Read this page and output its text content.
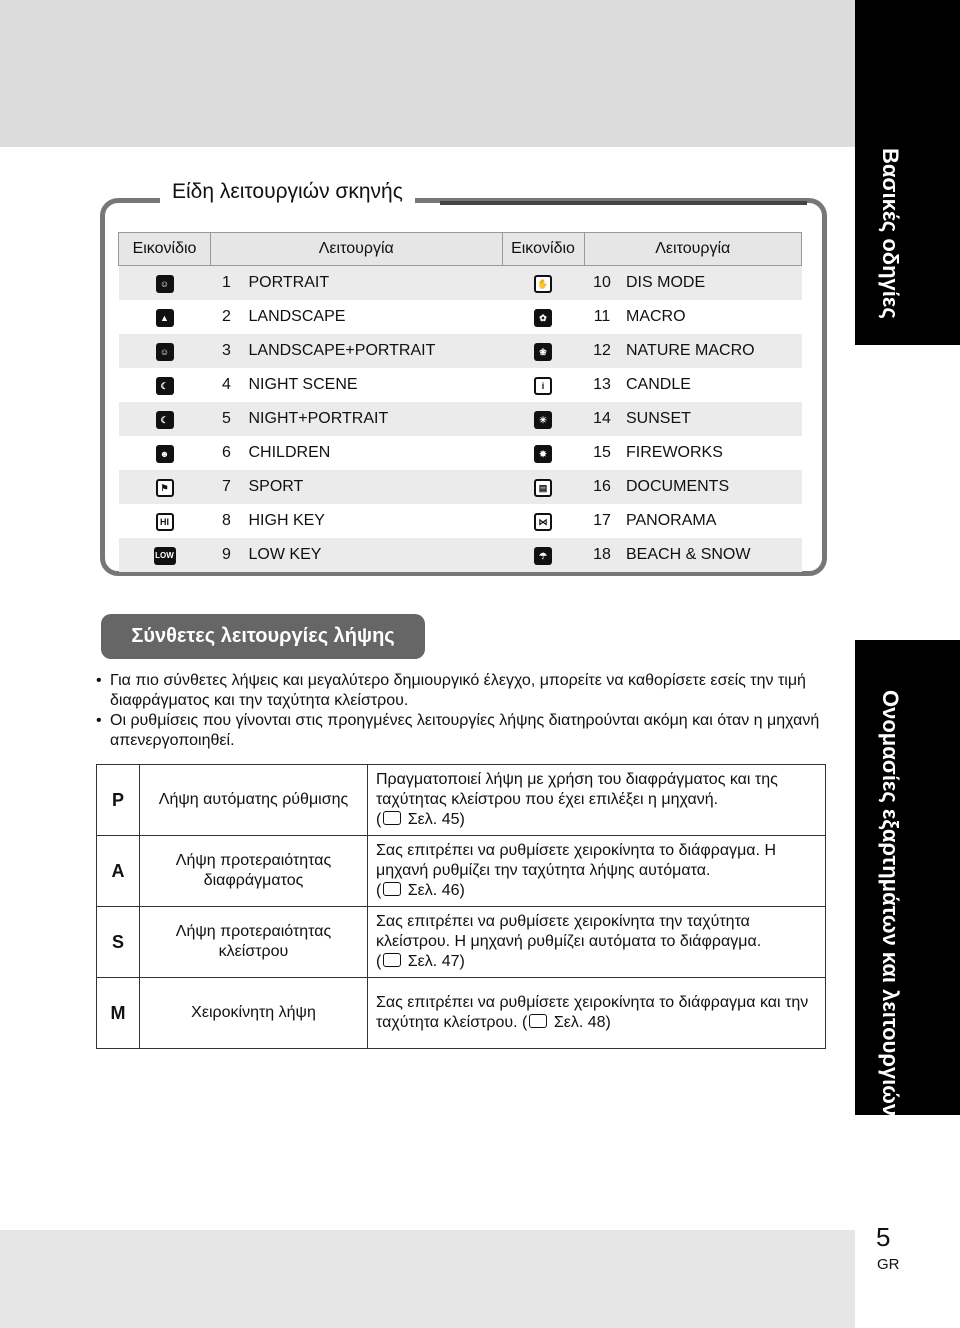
Βασικές οδηγίες
Ονομασίες εξαρτημάτων και λειτουργιών
5
GR
Είδη λειτουργιών σκηνής
Εικονίδιο	Λειτουργία		Εικονίδιο	Λειτουργία	
☺	1	PORTRAIT	✋	10	DIS MODE
▲	2	LANDSCAPE	✿	11	MACRO
☺	3	LANDSCAPE+PORTRAIT	❀	12	NATURE MACRO
☾	4	NIGHT SCENE	i	13	CANDLE
☾	5	NIGHT+PORTRAIT	☀	14	SUNSET
☻	6	CHILDREN	✸	15	FIREWORKS
⚑	7	SPORT	▤	16	DOCUMENTS
HI	8	HIGH KEY	⋈	17	PANORAMA
LOW	9	LOW KEY	☂	18	BEACH & SNOW
Σύνθετες λειτουργίες λήψης
• Για πιο σύνθετες λήψεις και μεγαλύτερο δημιουργικό έλεγχο, μπορείτε να καθορίσετε εσείς την τιμή διαφράγματος και την ταχύτητα κλείστρου.
• Οι ρυθμίσεις που γίνονται στις προηγμένες λειτουργίες λήψης διατηρούνται ακόμη και όταν η μηχανή απενεργοποιηθεί.
P	Λήψη αυτόματης ρύθμισης	Πραγματοποιεί λήψη με χρήση του διαφράγματος και της ταχύτητας κλείστρου που έχει επιλέξει η μηχανή.
( Σελ. 45)
A	Λήψη προτεραιότητας διαφράγματος	Σας επιτρέπει να ρυθμίσετε χειροκίνητα το διάφραγμα. Η μηχανή ρυθμίζει την ταχύτητα λήψης αυτόματα.
( Σελ. 46)
S	Λήψη προτεραιότητας κλείστρου	Σας επιτρέπει να ρυθμίσετε χειροκίνητα την ταχύτητα κλείστρου. Η μηχανή ρυθμίζει αυτόματα το διάφραγμα.
( Σελ. 47)
M	Χειροκίνητη λήψη	Σας επιτρέπει να ρυθμίσετε χειροκίνητα το διάφραγμα και την ταχύτητα κλείστρου. ( Σελ. 48)
